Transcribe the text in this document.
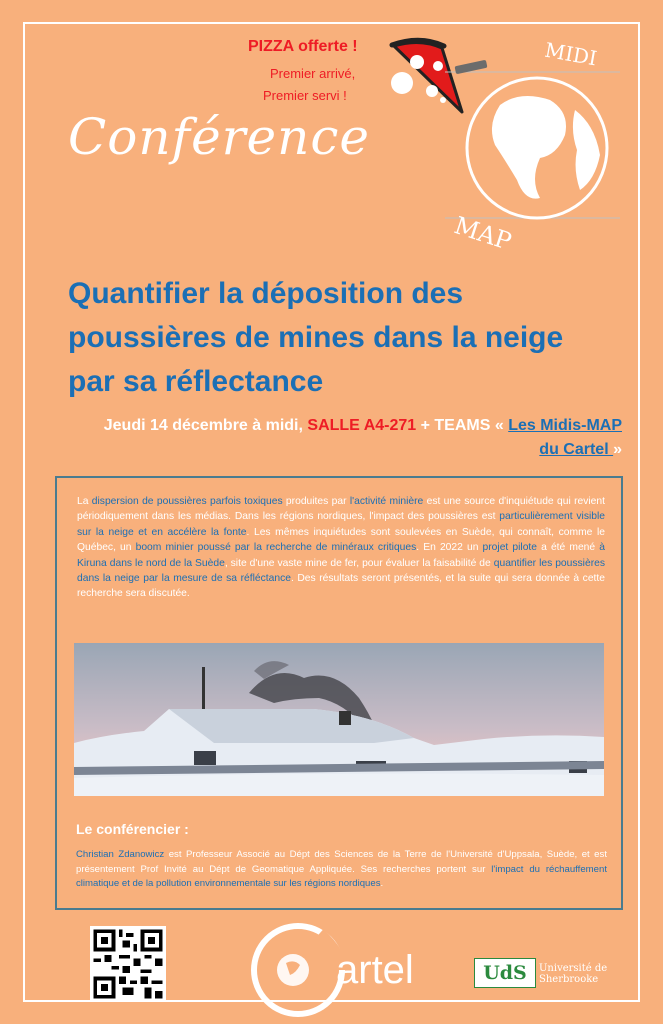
PIZZA offerte !
Premier arrivé,
Premier servi !
MIDI
MAP
Conférence
Quantifier la déposition des
poussières de mines dans la neige
par sa réflectance
Jeudi 14 décembre à midi, SALLE A4-271 + TEAMS « Les Midis-MAP du Cartel »
La dispersion de poussières parfois toxiques produites par l'activité minière est une source d'inquiétude qui revient périodiquement dans les médias. Dans les régions nordiques, l'impact des poussières est particulièrement visible sur la neige et en accélère la fonte. Les mêmes inquiétudes sont soulevées en Suède, qui connaît, comme le Québec, un boom minier poussé par la recherche de minéraux critiques. En 2022 un projet pilote a été mené à Kiruna dans le nord de la Suède, site d'une vaste mine de fer, pour évaluer la faisabilité de quantifier les poussières dans la neige par la mesure de sa réfléctance. Des résultats seront présentés, et la suite qui sera donnée à cette recherche sera discutée.
Le conférencier :
Christian Zdanowicz est Professeur Associé au Dépt des Sciences de la Terre de l'Université d'Uppsala, Suède, et est présentement Prof Invité au Dépt de Geomatique Appliquée. Ses recherches portent sur l'impact du réchauffement climatique et de la pollution environnementale sur les régions nordiques.
artel	UdS	Université de
Sherbrooke
